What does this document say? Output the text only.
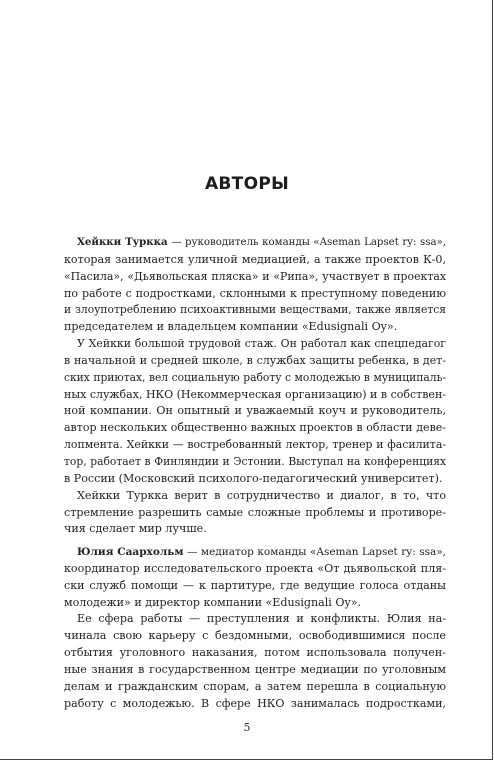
АВТОРЫ
Хейкки Туркка — руководитель команды «Aseman Lapset ry: ssa»,
которая занимается уличной медиацией, а также проектов К-0,
«Пасила», «Дьявольская пляска» и «Рипа», участвует в проектах
по работе с подростками, склонными к преступному поведению
и злоупотреблению психоактивными веществами, также является
председателем и владельцем компании «Edusignali Oy».
У Хейкки большой трудовой стаж. Он работал как спецпедагог
в начальной и средней школе, в службах защиты ребенка, в дет-
ских приютах, вел социальную работу с молодежью в муниципаль-
ных службах, НКО (Некоммерческая организацию) и в собствен-
ной компании. Он опытный и уважаемый коуч и руководитель,
автор нескольких общественно важных проектов в области дeве-
лопмента. Хейкки — востребованный лектор, тренер и фасилита-
тор, работает в Финляндии и Эстонии. Выступал на конференциях
в России (Московский психолого-педагогический университет).
Хейкки Туркка верит в сотрудничество и диалог, в то, что
стремление разрешить самые сложные проблемы и противоре-
чия сделает мир лучше.
Юлия Саархольм — медиатор команды «Aseman Lapset ry: ssa»,
координатор исследовательского проекта «От дьявольской пля-
ски служб помощи — к партитуре, где ведущие голоса отданы
молодежи» и директор компании «Edusignali Oy».
Ее сфера работы — преступления и конфликты. Юлия на-
чинала свою карьеру с бездомными, освободившимися после
отбытия уголовного наказания, потом использовала получен-
ные знания в государственном центре медиации по уголовным
делам и гражданским спорам, а затем перешла в социальную
работу с молодежью. В сфере НКО занималась подростками,
5
